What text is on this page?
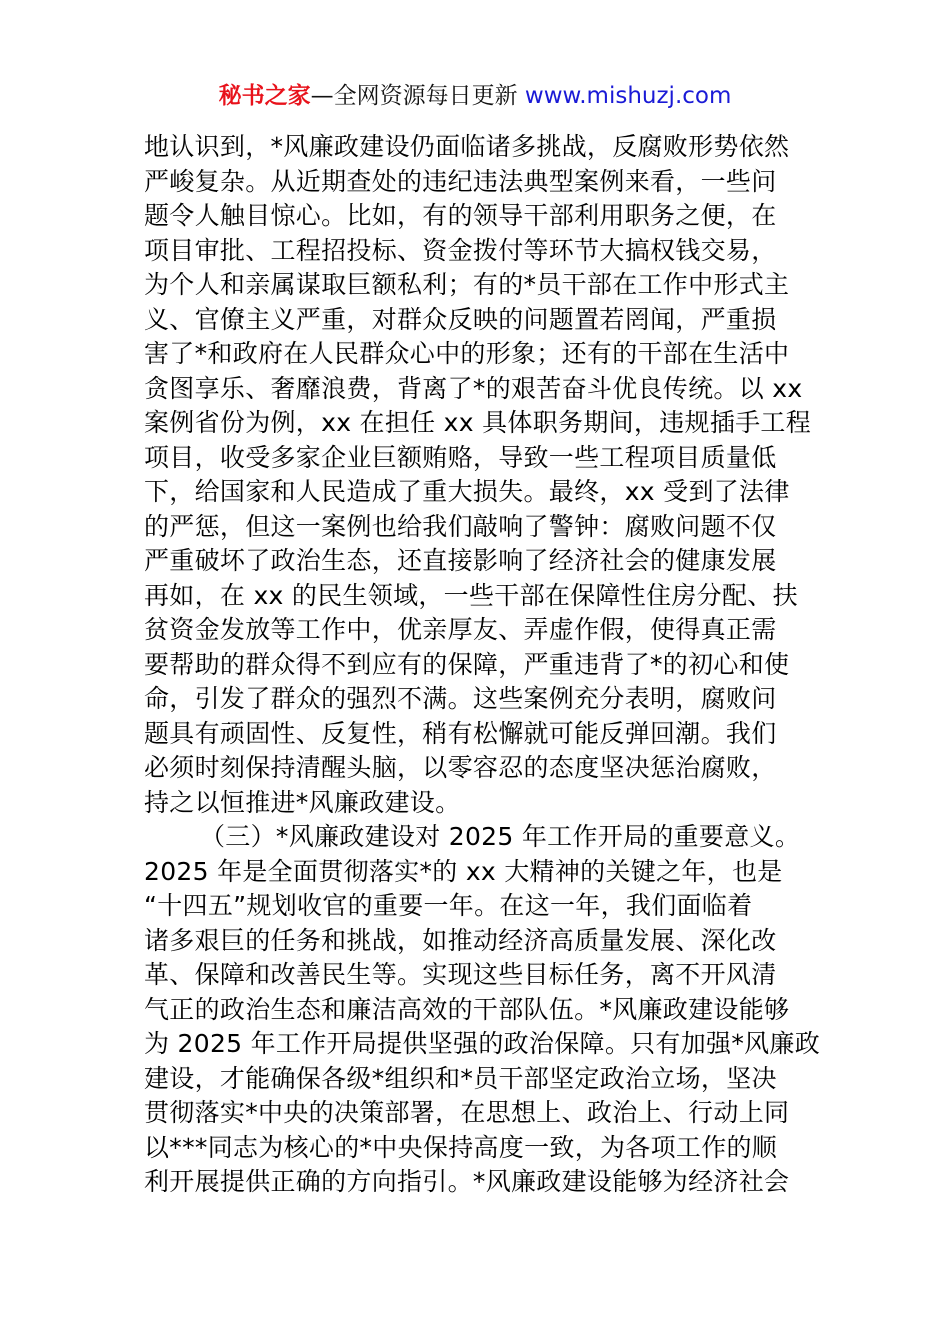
秘书之家—全网资源每日更新 www.mishuzj.com
地认识到，*风廉政建设仍面临诸多挑战，反腐败形势依然
严峻复杂。从近期查处的违纪违法典型案例来看，一些问
题令人触目惊心。比如，有的领导干部利用职务之便，在
项目审批、工程招投标、资金拨付等环节大搞权钱交易，
为个人和亲属谋取巨额私利；有的*员干部在工作中形式主
义、官僚主义严重，对群众反映的问题置若罔闻，严重损
害了*和政府在人民群众心中的形象；还有的干部在生活中
贪图享乐、奢靡浪费，背离了*的艰苦奋斗优良传统。以 xx
案例省份为例，xx 在担任 xx 具体职务期间，违规插手工程
项目，收受多家企业巨额贿赂，导致一些工程项目质量低
下，给国家和人民造成了重大损失。最终，xx 受到了法律
的严惩，但这一案例也给我们敲响了警钟：腐败问题不仅
严重破坏了政治生态，还直接影响了经济社会的健康发展
再如，在 xx 的民生领域，一些干部在保障性住房分配、扶
贫资金发放等工作中，优亲厚友、弄虚作假，使得真正需
要帮助的群众得不到应有的保障，严重违背了*的初心和使
命，引发了群众的强烈不满。这些案例充分表明，腐败问
题具有顽固性、反复性，稍有松懈就可能反弹回潮。我们
必须时刻保持清醒头脑，以零容忍的态度坚决惩治腐败，
持之以恒推进*风廉政建设。
（三）*风廉政建设对 2025 年工作开局的重要意义。
2025 年是全面贯彻落实*的 xx 大精神的关键之年，也是
“十四五”规划收官的重要一年。在这一年，我们面临着
诸多艰巨的任务和挑战，如推动经济高质量发展、深化改
革、保障和改善民生等。实现这些目标任务，离不开风清
气正的政治生态和廉洁高效的干部队伍。*风廉政建设能够
为 2025 年工作开局提供坚强的政治保障。只有加强*风廉政
建设，才能确保各级*组织和*员干部坚定政治立场，坚决
贯彻落实*中央的决策部署，在思想上、政治上、行动上同
以***同志为核心的*中央保持高度一致，为各项工作的顺
利开展提供正确的方向指引。*风廉政建设能够为经济社会
